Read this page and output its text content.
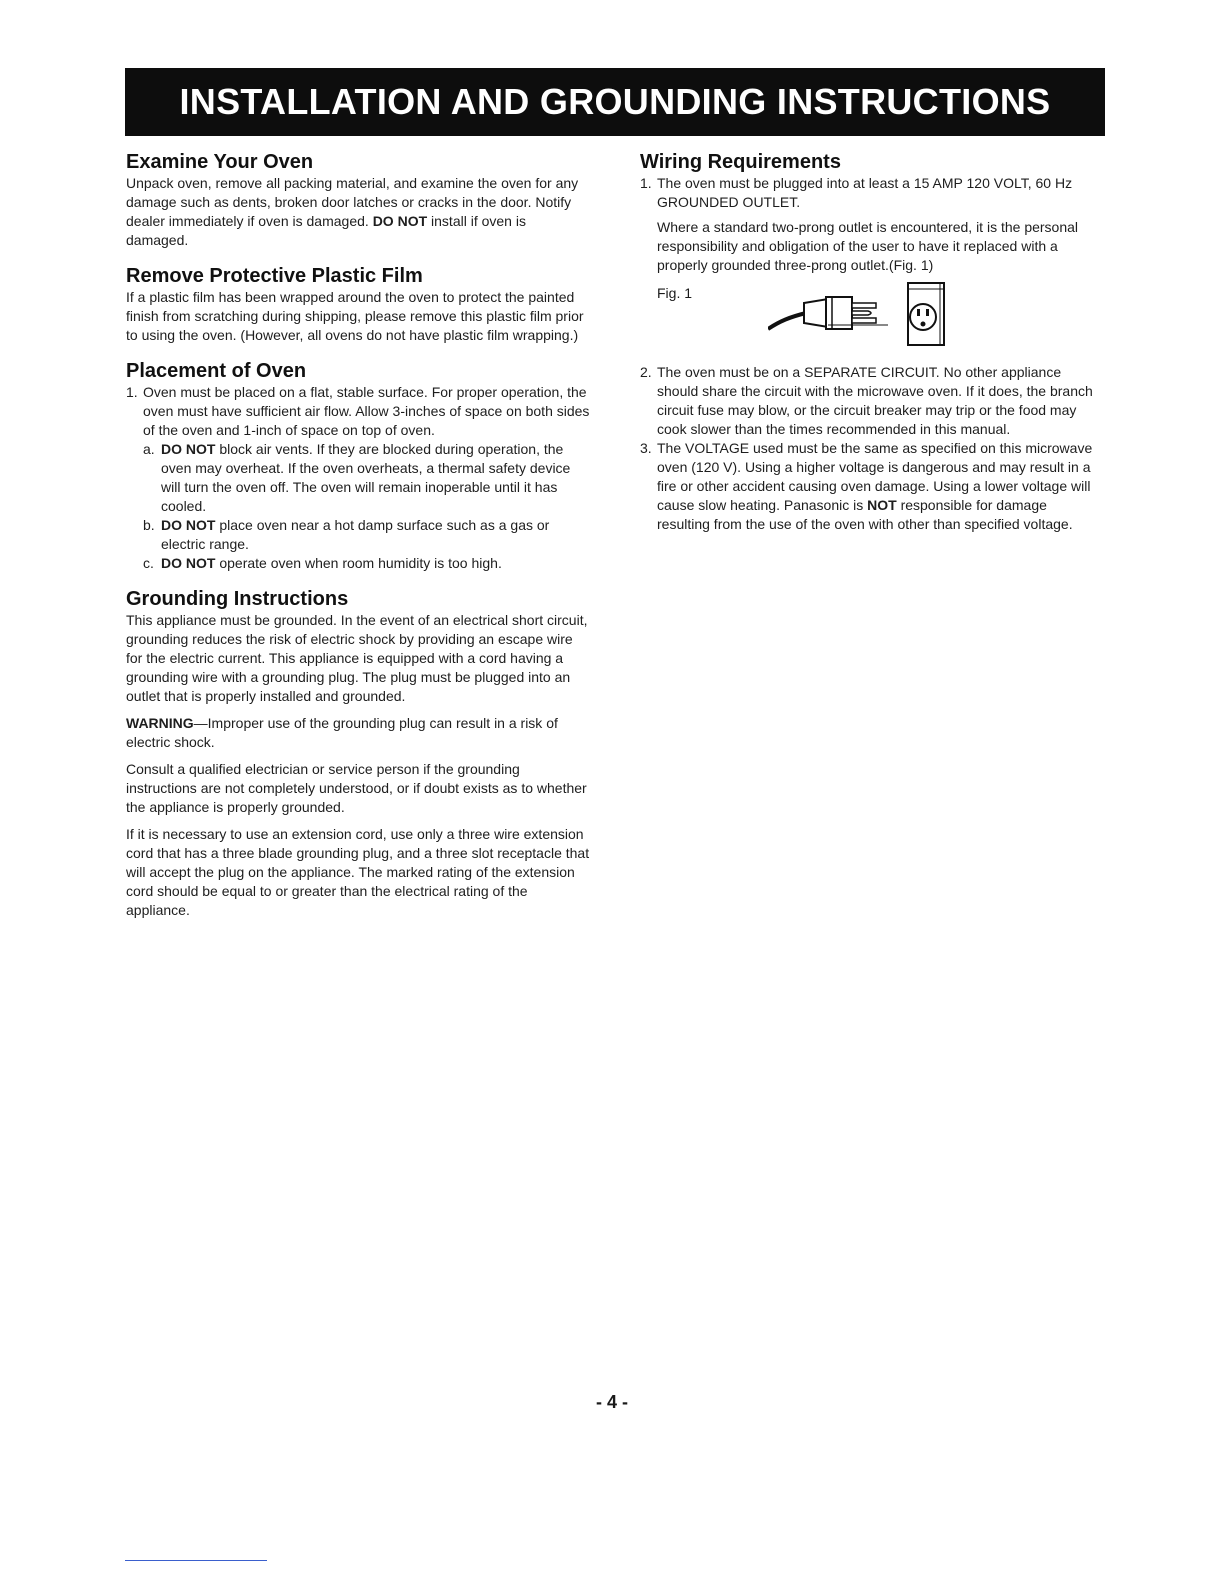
INSTALLATION AND GROUNDING INSTRUCTIONS
Examine Your Oven

Unpack oven, remove all packing material, and examine the oven for any damage such as dents, broken door latches or cracks in the door. Notify dealer immediately if oven is damaged. DO NOT install if oven is damaged.

Remove Protective Plastic Film

If a plastic film has been wrapped around the oven to protect the painted finish from scratching during shipping, please remove this plastic film prior to using the oven. (However, all ovens do not have plastic film wrapping.)

Placement of Oven
1. Oven must be placed on a flat, stable surface. For proper operation, the oven must have sufficient air flow. Allow 3-inches of space on both sides of the oven and 1-inch of space on top of oven.
a. DO NOT block air vents. If they are blocked during operation, the oven may overheat. If the oven overheats, a thermal safety device will turn the oven off. The oven will remain inoperable until it has cooled.
b. DO NOT place oven near a hot damp surface such as a gas or electric range.
c. DO NOT operate oven when room humidity is too high.
Grounding Instructions

This appliance must be grounded. In the event of an electrical short circuit, grounding reduces the risk of electric shock by providing an escape wire for the electric current. This appliance is equipped with a cord having a grounding wire with a grounding plug. The plug must be plugged into an outlet that is properly installed and grounded.

WARNING—Improper use of the grounding plug can result in a risk of electric shock.

Consult a qualified electrician or service person if the grounding instructions are not completely understood, or if doubt exists as to whether the appliance is properly grounded.

If it is necessary to use an extension cord, use only a three wire extension cord that has a three blade grounding plug, and a three slot receptacle that will accept the plug on the appliance. The marked rating of the extension cord should be equal to or greater than the electrical rating of the appliance.

Wiring Requirements
1. The oven must be plugged into at least a 15 AMP 120 VOLT, 60 Hz GROUNDED OUTLET.

Where a standard two-prong outlet is encountered, it is the personal responsibility and obligation of the user to have it replaced with a properly grounded three-prong outlet.(Fig. 1)

Fig. 1
2. The oven must be on a SEPARATE CIRCUIT. No other appliance should share the circuit with the microwave oven. If it does, the branch circuit fuse may blow, or the circuit breaker may trip or the food may cook slower than the times recommended in this manual.
3. The VOLTAGE used must be the same as specified on this microwave oven (120 V). Using a higher voltage is dangerous and may result in a fire or other accident causing oven damage. Using a lower voltage will cause slow heating. Panasonic is NOT responsible for damage resulting from the use of the oven with other than specified voltage.
- 4 -
